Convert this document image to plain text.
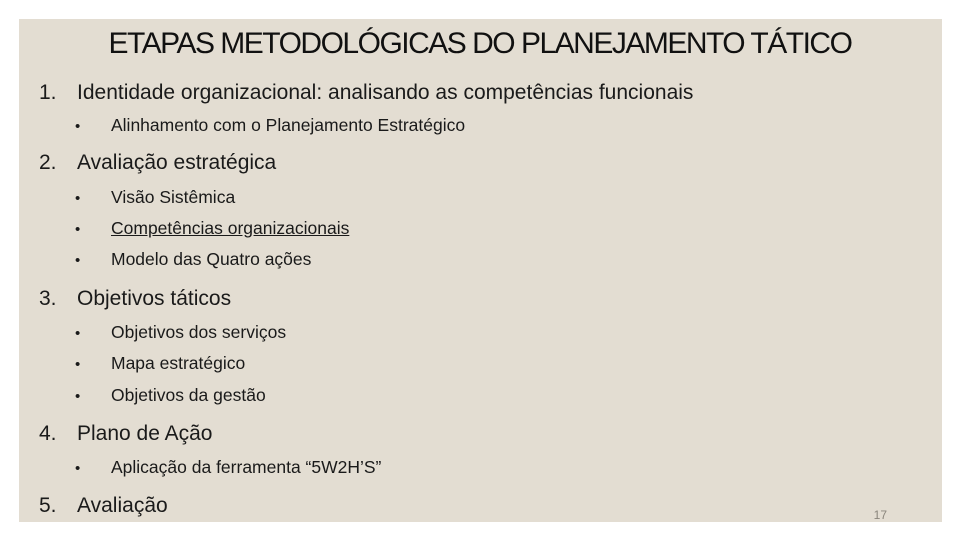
ETAPAS METODOLÓGICAS DO PLANEJAMENTO TÁTICO
1. Identidade organizacional: analisando as competências funcionais
• Alinhamento com o Planejamento Estratégico
2. Avaliação estratégica
• Visão Sistêmica
• Competências organizacionais
• Modelo das Quatro ações
3. Objetivos táticos
• Objetivos dos serviços
• Mapa estratégico
• Objetivos da gestão
4. Plano de Ação
• Aplicação da ferramenta “5W2H’S”
5. Avaliação	17
